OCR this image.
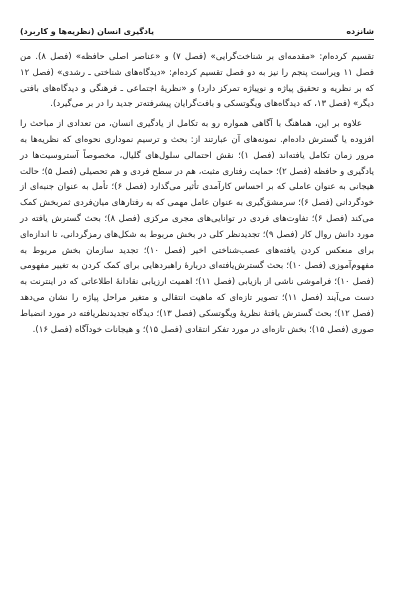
شانزده
یادگیری انسان (نظریه‌ها و کاربرد)

تقسیم کرده‌ام: «مقدمه‌ای بر شناخت‌گرایی» (فصل ۷) و «عناصر اصلی حافظه» (فصل ۸). من فصل ۱۱ ویراست پنجم را نیز به دو فصل تقسیم کرده‌ام: «دیدگاه‌های شناختی ـ رشدی» (فصل ۱۲ که بر نظریه و تحقیق پیاژه و نوپیاژه تمرکز دارد) و «نظریهٔ اجتماعی ـ فرهنگی و دیدگاه‌های بافتی دیگر» (فصل ۱۳، که دیدگاه‌های ویگوتسکی و بافت‌گرایان پیشرفته‌تر جدید را در بر می‌گیرد).

علاوه بر این، هماهنگ با آگاهی همواره رو به تکامل از یادگیری انسان، من تعدادی از مباحث را افزوده یا گسترش داده‌ام. نمونه‌های آن عبارتند از: بحث و ترسیم نموداری نحوه‌ای که نظریه‌ها به مرور زمان تکامل یافته‌اند (فصل ۱)؛ نقش احتمالی سلول‌های گلیال، مخصوصاً آستروسیت‌ها در یادگیری و حافظه (فصل ۲)؛ حمایت رفتاری مثبت، هم در سطح فردی و هم تحصیلی (فصل ۵)؛ حالت هیجانی به عنوان عاملی که بر احساس کارآمدی تأثیر می‌گذارد (فصل ۶)؛ تأمل به عنوان جنبه‌ای از خودگردانی (فصل ۶)؛ سرمشق‌گیری به عنوان عامل مهمی که به رفتارهای میان‌فردی ثمربخش کمک می‌کند (فصل ۶)؛ تفاوت‌های فردی در توانایی‌های مجری مرکزی (فصل ۸)؛ بحث گسترش یافته در مورد دانش روال کار (فصل ۹)؛ تجدیدنظر کلی در بخش مربوط به شکل‌های رمزگردانی، تا اندازه‌ای برای منعکس کردن یافته‌های عصب‌شناختی اخیر (فصل ۱۰)؛ تجدید سازمان بخش مربوط به مفهوم‌آموزی (فصل ۱۰)؛ بحث گسترش‌یافته‌ای دربارهٔ راهبردهایی برای کمک کردن به تغییر مفهومی (فصل ۱۰)؛ فراموشی ناشی از بازیابی (فصل ۱۱)؛ اهمیت ارزیابی نقادانهٔ اطلاعاتی که در اینترنت به دست می‌آیند (فصل ۱۱)؛ تصویر تازه‌ای که ماهیت انتقالی و متغیر مراحل پیاژه را نشان می‌دهد (فصل ۱۲)؛ بحث گسترش یافتهٔ نظریهٔ ویگوتسکی (فصل ۱۳)؛ دیدگاه تجدیدنظریافته در مورد انضباط صوری (فصل ۱۵)؛ بخش تازه‌ای در مورد تفکر انتقادی (فصل ۱۵)؛ و هیجانات خودآگاه (فصل ۱۶).
